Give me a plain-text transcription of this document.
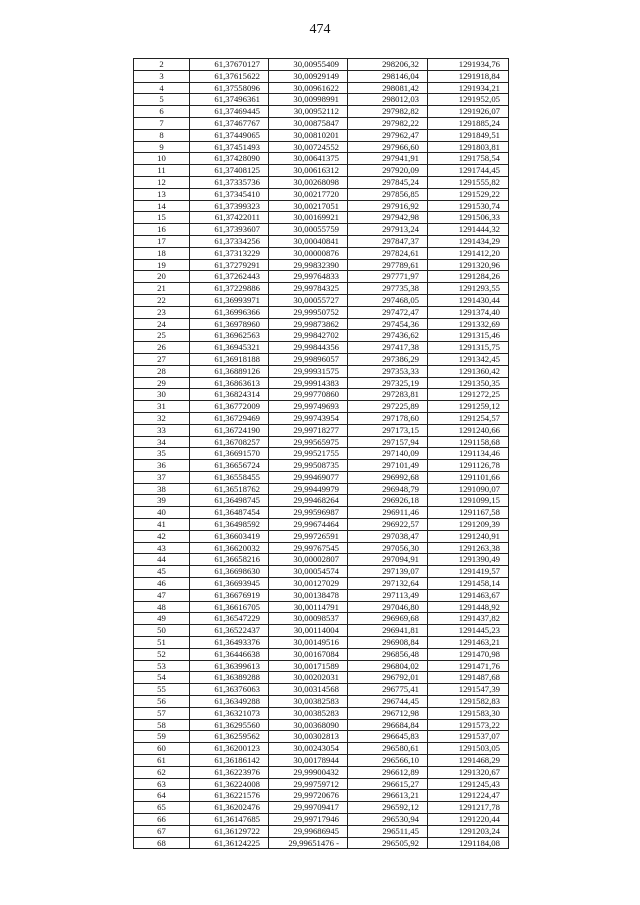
474
2	61,37670127	30,00955409	298206,32	1291934,76
3	61,37615622	30,00929149	298146,04	1291918,84
4	61,37558096	30,00961622	298081,42	1291934,21
5	61,37496361	30,00998991	298012,03	1291952,05
6	61,37469445	30,00952112	297982,82	1291926,07
7	61,37467767	30,00875847	297982,22	1291885,24
8	61,37449065	30,00810201	297962,47	1291849,51
9	61,37451493	30,00724552	297966,60	1291803,81
10	61,37428090	30,00641375	297941,91	1291758,54
11	61,37408125	30,00616312	297920,09	1291744,45
12	61,37335736	30,00268098	297845,24	1291555,82
13	61,37345410	30,00217720	297856,85	1291529,22
14	61,37399323	30,00217051	297916,92	1291530,74
15	61,37422011	30,00169921	297942,98	1291506,33
16	61,37393607	30,00055759	297913,24	1291444,32
17	61,37334256	30,00040841	297847,37	1291434,29
18	61,37313229	30,00000876	297824,61	1291412,20
19	61,37279291	29,99832390	297789,61	1291320,96
20	61,37262443	29,99764833	297771,97	1291284,26
21	61,37229886	29,99784325	297735,38	1291293,55
22	61,36993971	30,00055727	297468,05	1291430,44
23	61,36996366	29,99950752	297472,47	1291374,40
24	61,36978960	29,99873862	297454,36	1291332,69
25	61,36962563	29,99842702	297436,62	1291315,46
26	61,36945321	29,99844356	297417,38	1291315,75
27	61,36918188	29,99896057	297386,29	1291342,45
28	61,36889126	29,99931575	297353,33	1291360,42
29	61,36863613	29,99914383	297325,19	1291350,35
30	61,36824314	29,99770860	297283,81	1291272,25
31	61,36772009	29,99749693	297225,89	1291259,12
32	61,36729469	29,99743954	297178,60	1291254,57
33	61,36724190	29,99718277	297173,15	1291240,66
34	61,36708257	29,99565975	297157,94	1291158,68
35	61,36691570	29,99521755	297140,09	1291134,46
36	61,36656724	29,99508735	297101,49	1291126,78
37	61,36558455	29,99469077	296992,68	1291101,66
38	61,36518762	29,99449979	296948,79	1291090,07
39	61,36498745	29,99468264	296926,18	1291099,15
40	61,36487454	29,99596987	296911,46	1291167,58
41	61,36498592	29,99674464	296922,57	1291209,39
42	61,36603419	29,99726591	297038,47	1291240,91
43	61,36620032	29,99767545	297056,30	1291263,38
44	61,36658216	30,00002807	297094,91	1291390,49
45	61,36698630	30,00054574	297139,07	1291419,57
46	61,36693945	30,00127029	297132,64	1291458,14
47	61,36676919	30,00138478	297113,49	1291463,67
48	61,36616705	30,00114791	297046,80	1291448,92
49	61,36547229	30,00098537	296969,68	1291437,82
50	61,36522437	30,00114004	296941,81	1291445,23
51	61,36493376	30,00149516	296908,84	1291463,21
52	61,36446638	30,00167084	296856,48	1291470,98
53	61,36399613	30,00171589	296804,02	1291471,76
54	61,36389288	30,00202031	296792,01	1291487,68
55	61,36376063	30,00314568	296775,41	1291547,39
56	61,36349288	30,00382583	296744,45	1291582,83
57	61,36321073	30,00385283	296712,98	1291583,30
58	61,36295560	30,00368090	296684,84	1291573,22
59	61,36259562	30,00302813	296645,83	1291537,07
60	61,36200123	30,00243054	296580,61	1291503,05
61	61,36186142	30,00178944	296566,10	1291468,29
62	61,36223976	29,99900432	296612,89	1291320,67
63	61,36224008	29,99759712	296615,27	1291245,43
64	61,36221576	29,99720676	296613,21	1291224,47
65	61,36202476	29,99709417	296592,12	1291217,78
66	61,36147685	29,99717946	296530,94	1291220,44
67	61,36129722	29,99686945	296511,45	1291203,24
68	61,36124225	29,99651476 -	296505,92	1291184,08
